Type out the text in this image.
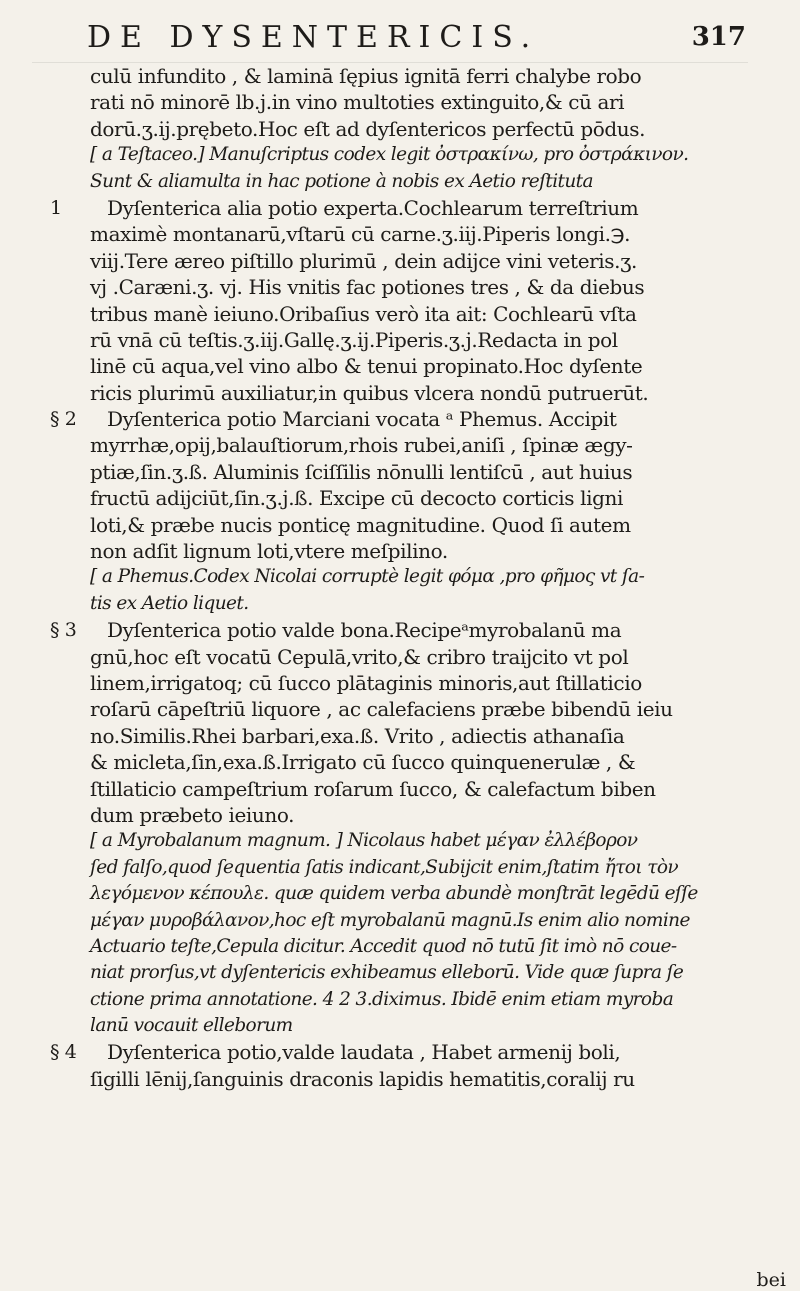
DE DYSENTERICIS.	317
culū infundito , & laminā ſępius ignitā ferri chalybe robo
rati nō minorē lb.j.in vino multoties extinguito,& cū ari
dorū.ʒ.ij.prębeto.Hoc eſt ad dyſentericos perfectū pōdus.
[ a Teſtaceo.] Manuſcriptus codex legit ὀστρακίνω, pro ὀστράκινον.
Sunt & aliamulta in hac potione à nobis ex Aetio reſtituta
1 Dyſenterica alia potio experta.Cochlearum terreſtrium
maximè montanarū,vſtarū cū carne.ʒ.iij.Piperis longi.℈.
viij.Tere æreo piſtillo plurimū , dein adijce vini veteris.ʒ.
vj .Caræni.ʒ. vj. His vnitis fac potiones tres , & da diebus
tribus manè ieiuno.Oribaſius verò ita ait: Cochlearū vſta
rū vnā cū teſtis.ʒ.iij.Gallę.ʒ.ij.Piperis.ʒ.j.Redacta in pol
linē cū aqua,vel vino albo & tenui propinato.Hoc dyſente
ricis plurimū auxiliatur,in quibus vlcera nondū putruerūt.
§ 2 Dyſenterica potio Marciani vocata ᵃ Phemus. Accipit
myrrhæ,opij,balauſtiorum,rhois rubei,aniſi , ſpinæ ægy-
ptiæ,ſin.ʒ.ß. Aluminis ſciſſilis nōnulli lentiſcū , aut huius
fructū adijciūt,ſin.ʒ.j.ß. Excipe cū decocto corticis ligni
loti,& præbe nucis ponticę magnitudine. Quod ſi autem
non adſit lignum loti,vtere meſpilino.
[ a Phemus.Codex Nicolai corruptè legit φόμα ,pro φῆμος vt ſa-
tis ex Aetio liquet.
§ 3 Dyſenterica potio valde bona.Recipeᵃmyrobalanū ma
gnū,hoc eſt vocatū Cepulā,vrito,& cribro traijcito vt pol
linem,irrigatoq; cū ſucco plātaginis minoris,aut ſtillaticio
roſarū cāpeſtriū liquore , ac calefaciens præbe bibendū ieiu
no.Similis.Rhei barbari,exa.ß. Vrito , adiectis athanaſia
& micleta,ſin,exa.ß.Irrigato cū ſucco quinquenerulæ , &
ſtillaticio campeſtrium roſarum ſucco, & calefactum biben
dum præbeto ieiuno.
[ a Myrobalanum magnum. ] Nicolaus habet μέγαν ἐλλέβορον
ſed falſo,quod ſequentia ſatis indicant,Subijcit enim,ſtatim ἤτοι τὸν
λεγόμενον κέπουλε. quæ quidem verba abundè monſtrāt legēdū eſſe
μέγαν μυροβάλανον,hoc eſt myrobalanū magnū.Is enim alio nomine
Actuario teſte,Cepula dicitur. Accedit quod nō tutū ſit imò nō coue-
niat prorſus,vt dyſentericis exhibeamus elleborū. Vide quæ ſupra ſe
ctione prima annotatione. 4 2 3.diximus. Ibidē enim etiam myroba
lanū vocauit elleborum
§ 4 Dyſenterica potio,valde laudata , Habet armenij boli,
ſigilli lēnij,ſanguinis draconis lapidis hematitis,coralij ru
bei
